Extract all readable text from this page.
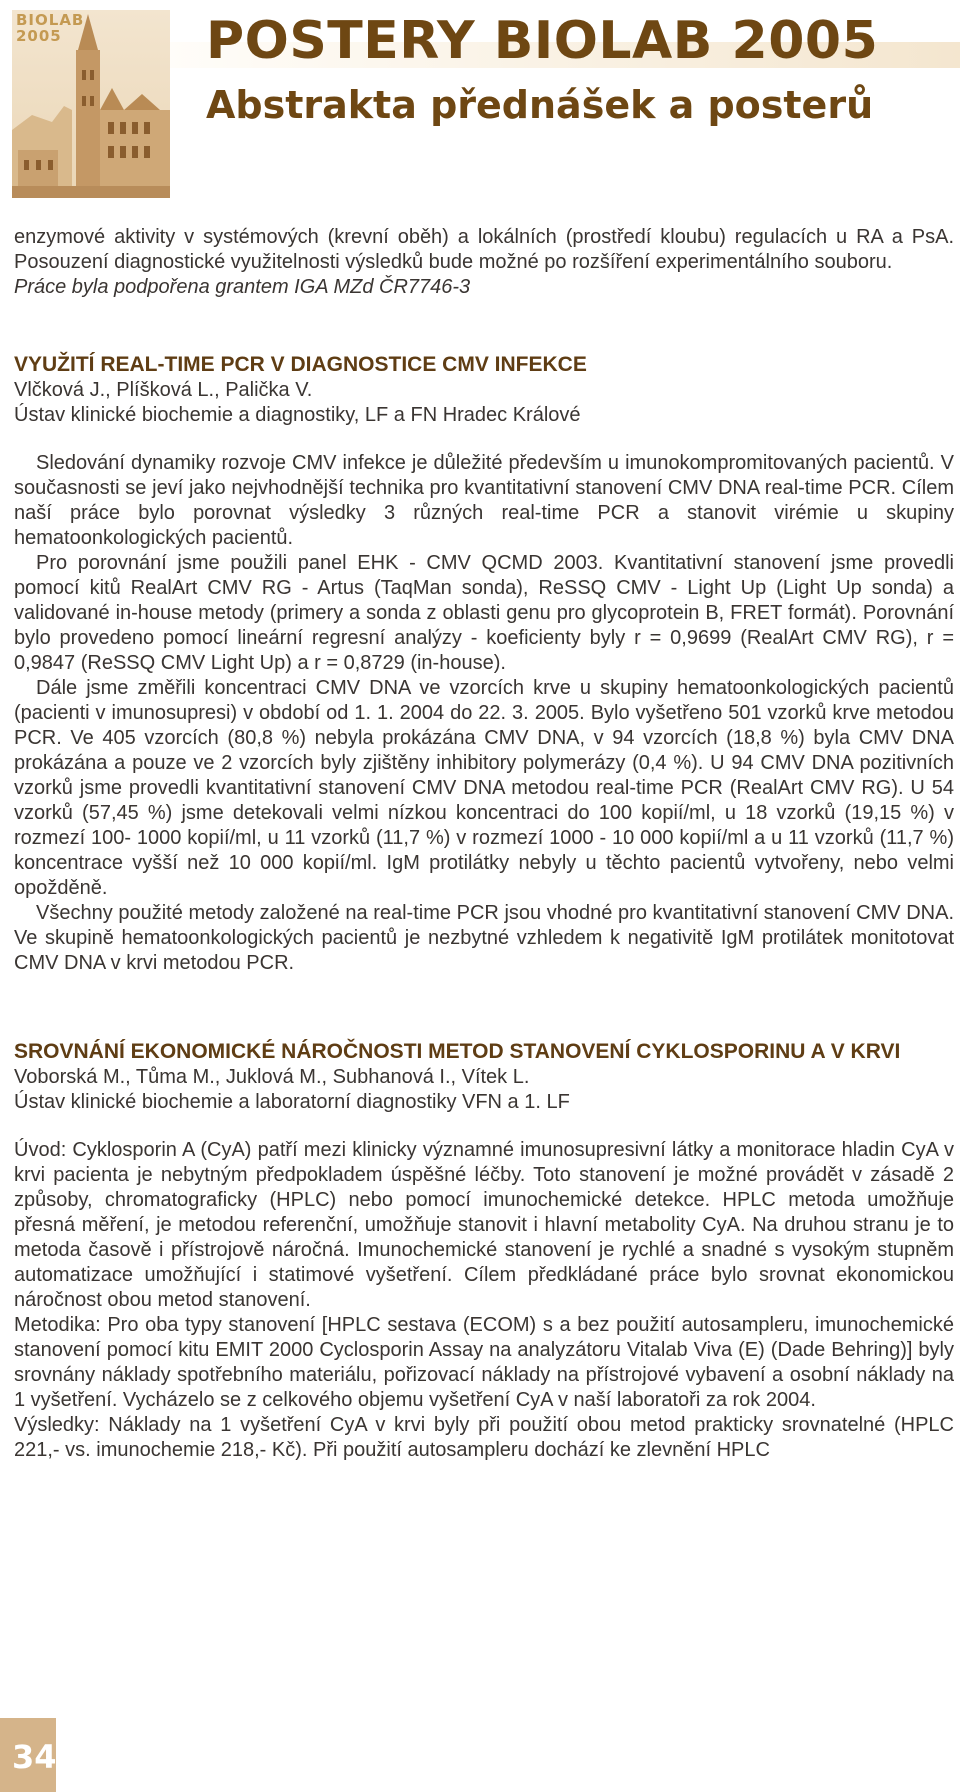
BIOLAB
2005	POSTERY BIOLAB 2005
Abstrakta přednášek a posterů

enzymové aktivity v systémových (krevní oběh) a lokálních (prostředí kloubu) regulacích u RA a PsA. Posouzení diagnostické využitelnosti výsledků bude možné po rozšíření experimentálního souboru.

Práce byla podpořena grantem IGA MZd ČR7746-3

VYUŽITÍ REAL-TIME PCR V DIAGNOSTICE CMV INFEKCE

Vlčková J., Plíšková L., Palička V.

Ústav klinické biochemie a diagnostiky, LF a FN Hradec Králové

Sledování dynamiky rozvoje CMV infekce je důležité především u imunokompromitovaných pacientů. V současnosti se jeví jako nejvhodnější technika pro kvantitativní stanovení CMV DNA real-time PCR. Cílem naší práce bylo porovnat výsledky 3 různých real-time PCR a stanovit virémie u skupiny hematoonkologických pacientů.

Pro porovnání jsme použili panel EHK - CMV QCMD 2003. Kvantitativní stanovení jsme provedli pomocí kitů RealArt CMV RG - Artus (TaqMan sonda), ReSSQ CMV - Light Up (Light Up sonda) a validované in-house metody (primery a sonda z oblasti genu pro glycoprotein B, FRET formát). Porovnání bylo provedeno pomocí lineární regresní analýzy - koeficienty byly r = 0,9699 (RealArt CMV RG), r = 0,9847 (ReSSQ CMV Light Up) a r = 0,8729 (in-house).

Dále jsme změřili koncentraci CMV DNA ve vzorcích krve u skupiny hematoonkologických pacientů (pacienti v imunosupresi) v období od 1. 1. 2004 do 22. 3. 2005. Bylo vyšetřeno 501 vzorků krve metodou PCR. Ve 405 vzorcích (80,8 %) nebyla prokázána CMV DNA, v 94 vzorcích (18,8 %) byla CMV DNA prokázána a pouze ve 2 vzorcích byly zjištěny inhibitory polymerázy (0,4 %). U 94 CMV DNA pozitivních vzorků jsme provedli kvantitativní stanovení CMV DNA metodou real-time PCR (RealArt CMV RG). U 54 vzorků (57,45 %) jsme detekovali velmi nízkou koncentraci do 100 kopií/ml, u 18 vzorků (19,15 %) v rozmezí 100- 1000 kopií/ml, u 11 vzorků (11,7 %) v rozmezí 1000 - 10 000 kopií/ml a u 11 vzorků (11,7 %) koncentrace vyšší než 10 000 kopií/ml. IgM protilátky nebyly u těchto pacientů vytvořeny, nebo velmi opožděně.

Všechny použité metody založené na real-time PCR jsou vhodné pro kvantitativní stanovení CMV DNA. Ve skupině hematoonkologických pacientů je nezbytné vzhledem k negativitě IgM protilátek monitotovat CMV DNA v krvi metodou PCR.

SROVNÁNÍ EKONOMICKÉ NÁROČNOSTI METOD STANOVENÍ CYKLOSPORINU A V KRVI

Voborská M., Tůma M., Juklová M., Subhanová I., Vítek L.

Ústav klinické biochemie a laboratorní diagnostiky VFN a 1. LF

Úvod: Cyklosporin A (CyA) patří mezi klinicky významné imunosupresivní látky a monitorace hladin CyA v krvi pacienta je nebytným předpokladem úspěšné léčby. Toto stanovení je možné provádět v zásadě 2 způsoby, chromatograficky (HPLC) nebo pomocí imunochemické detekce. HPLC metoda umožňuje přesná měření, je metodou referenční, umožňuje stanovit i hlavní metabolity CyA. Na druhou stranu je to metoda časově i přístrojově náročná. Imunochemické stanovení je rychlé a snadné s vysokým stupněm automatizace umožňující i statimové vyšetření. Cílem předkládané práce bylo srovnat ekonomickou náročnost obou metod stanovení.

Metodika: Pro oba typy stanovení [HPLC sestava (ECOM) s a bez použití autosampleru, imunochemické stanovení pomocí kitu EMIT 2000 Cyclosporin Assay na analyzátoru Vitalab Viva (E) (Dade Behring)] byly srovnány náklady spotřebního materiálu, pořizovací náklady na přístrojové vybavení a osobní náklady na 1 vyšetření. Vycházelo se z celkového objemu vyšetření CyA v naší laboratoři za rok 2004.

Výsledky: Náklady na 1 vyšetření CyA v krvi byly při použití obou metod prakticky srovnatelné (HPLC 221,- vs. imunochemie 218,- Kč). Při použití autosampleru dochází ke zlevnění HPLC

34
